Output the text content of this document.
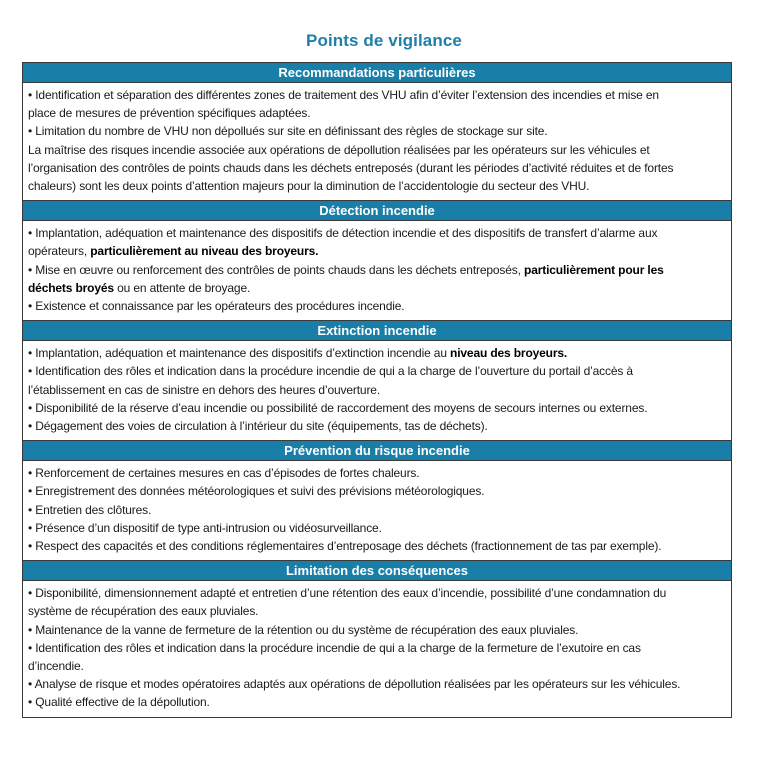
Points de vigilance
Recommandations particulières
• Identification et séparation des différentes zones de traitement des VHU afin d’éviter l’extension des incendies et mise en
place de mesures de prévention spécifiques adaptées.
• Limitation du nombre de VHU non dépollués sur site en définissant des règles de stockage sur site.
La maîtrise des risques incendie associée aux opérations de dépollution réalisées par les opérateurs sur les véhicules et
l’organisation des contrôles de points chauds dans les déchets entreposés (durant les périodes d’activité réduites et de fortes
chaleurs) sont les deux points d’attention majeurs pour la diminution de l’accidentologie du secteur des VHU.
Détection incendie
• Implantation, adéquation et maintenance des dispositifs de détection incendie et des dispositifs de transfert d’alarme aux
opérateurs, particulièrement au niveau des broyeurs.
• Mise en œuvre ou renforcement des contrôles de points chauds dans les déchets entreposés, particulièrement pour les
déchets broyés ou en attente de broyage.
• Existence et connaissance par les opérateurs des procédures incendie.
Extinction incendie
• Implantation, adéquation et maintenance des dispositifs d’extinction incendie au niveau des broyeurs.
• Identification des rôles et indication dans la procédure incendie de qui a la charge de l’ouverture du portail d’accès à
l’établissement en cas de sinistre en dehors des heures d’ouverture.
• Disponibilité de la réserve d’eau incendie ou possibilité de raccordement des moyens de secours internes ou externes.
• Dégagement des voies de circulation à l’intérieur du site (équipements, tas de déchets).
Prévention du risque incendie
• Renforcement de certaines mesures en cas d’épisodes de fortes chaleurs.
• Enregistrement des données météorologiques et suivi des prévisions météorologiques.
• Entretien des clôtures.
• Présence d’un dispositif de type anti-intrusion ou vidéosurveillance.
• Respect des capacités et des conditions réglementaires d’entreposage des déchets (fractionnement de tas par exemple).
Limitation des conséquences
• Disponibilité, dimensionnement adapté et entretien d’une rétention des eaux d’incendie, possibilité d’une condamnation du
système de récupération des eaux pluviales.
• Maintenance de la vanne de fermeture de la rétention ou du système de récupération des eaux pluviales.
• Identification des rôles et indication dans la procédure incendie de qui a la charge de la fermeture de l’exutoire en cas
d’incendie.
• Analyse de risque et modes opératoires adaptés aux opérations de dépollution réalisées par les opérateurs sur les véhicules.
• Qualité effective de la dépollution.
